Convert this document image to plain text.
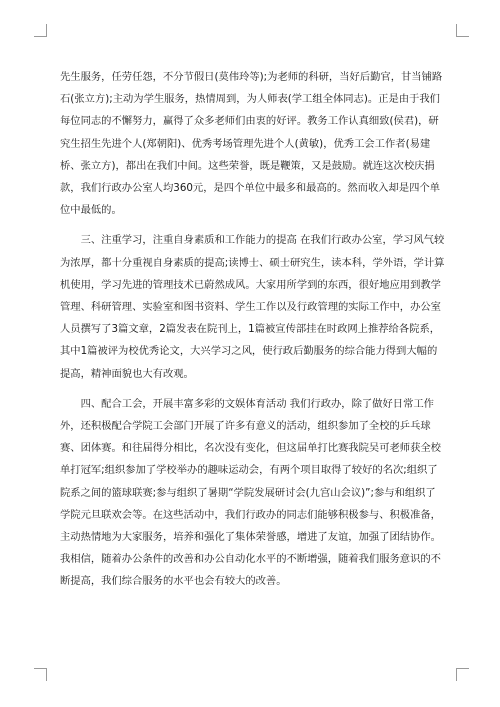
先生服务，任劳任怨，不分节假日(莫伟玲等);为老师的科研，当好后勤官，甘当铺路石(张立方);主动为学生服务，热情周到，为人师表(学工组全体同志)。正是由于我们每位同志的不懈努力，赢得了众多老师们由衷的好评。教务工作认真细致(侯君)，研究生招生先进个人(郑朝阳)、优秀考场管理先进个人(黄敏)，优秀工会工作者(易建桥、张立方)，都出在我们中间。这些荣誉，既是鞭策，又是鼓励。就连这次校庆捐款，我们行政办公室人均360元，是四个单位中最多和最高的。然而收入却是四个单位中最低的。

三、注重学习，注重自身素质和工作能力的提高 在我们行政办公室，学习风气较为浓厚，都十分重视自身素质的提高;读博士、硕士研究生，读本科，学外语，学计算机使用，学习先进的管理技术已蔚然成风。大家用所学到的东西，很好地应用到教学管理、科研管理、实验室和图书资料、学生工作以及行政管理的实际工作中，办公室人员撰写了3篇文章，2篇发表在院刊上，1篇被宣传部挂在时政网上推荐给各院系，其中1篇被评为校优秀论文，大兴学习之风，使行政后勤服务的综合能力得到大幅的提高，精神面貌也大有改观。

四、配合工会，开展丰富多彩的文娱体育活动 我们行政办，除了做好日常工作外，还积极配合学院工会部门开展了许多有意义的活动，组织参加了全校的乒乓球赛、团体赛。和往届得分相比，名次没有变化，但这届单打比赛我院吴可老师获全校单打冠军;组织参加了学校举办的趣味运动会，有两个项目取得了较好的名次;组织了院系之间的篮球联赛;参与组织了暑期“学院发展研讨会(九宫山会议)”;参与和组织了学院元旦联欢会等。在这些活动中，我们行政办的同志们能够积极参与、积极准备，主动热情地为大家服务，培养和强化了集体荣誉感，增进了友谊，加强了团结协作。我相信，随着办公条件的改善和办公自动化水平的不断增强，随着我们服务意识的不断提高，我们综合服务的水平也会有较大的改善。
